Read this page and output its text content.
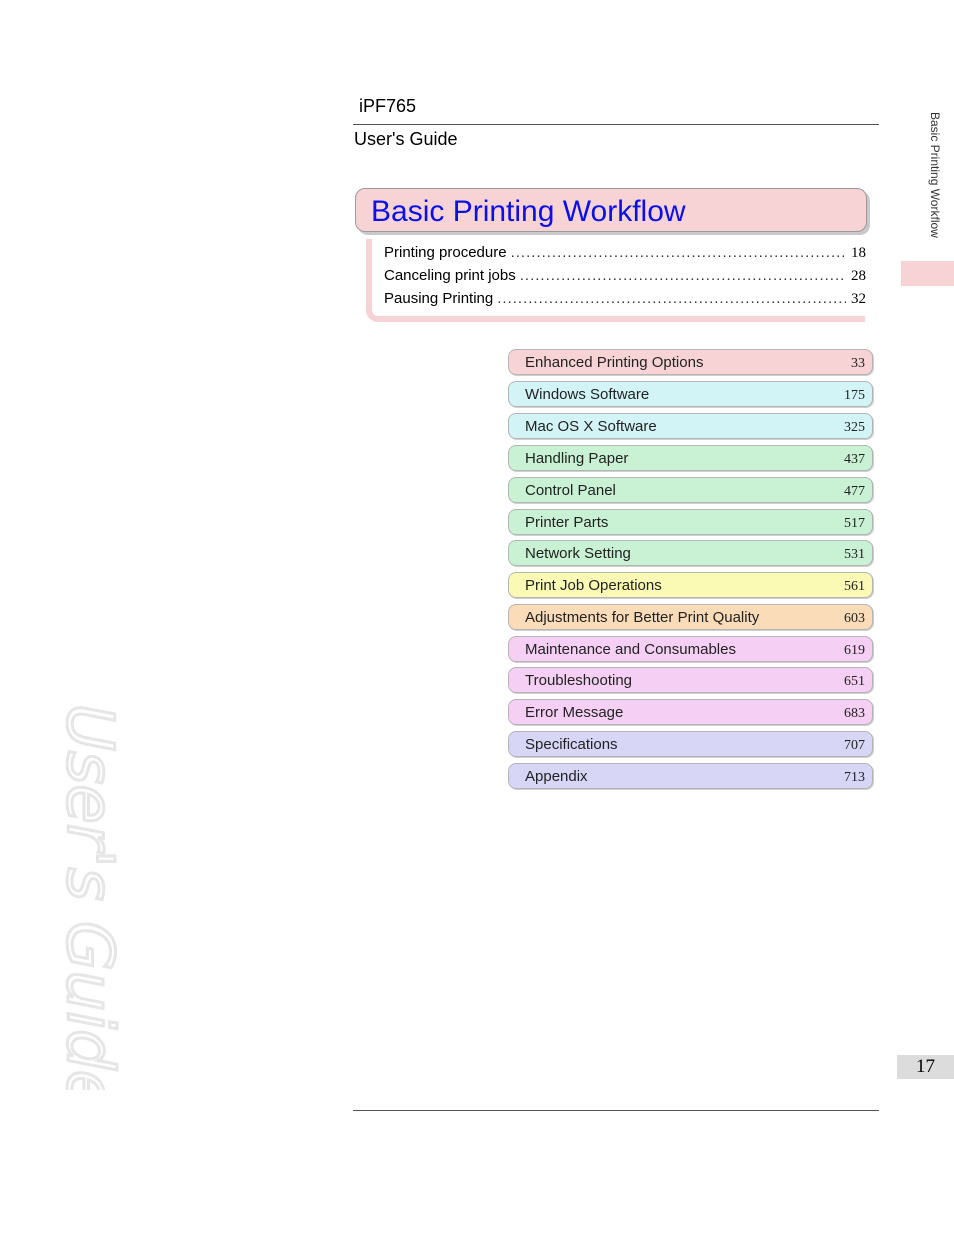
User's Guide
iPF765
User's Guide
Basic Printing Workflow
Printing procedure .....	18
Canceling print jobs .....	28
Pausing Printing .....	32
Enhanced Printing Options	33
Windows Software	175
Mac OS X Software	325
Handling Paper	437
Control Panel	477
Printer Parts	517
Network Setting	531
Print Job Operations	561
Adjustments for Better Print Quality	603
Maintenance and Consumables	619
Troubleshooting	651
Error Message	683
Specifications	707
Appendix	713
Basic Printing Workflow
17
